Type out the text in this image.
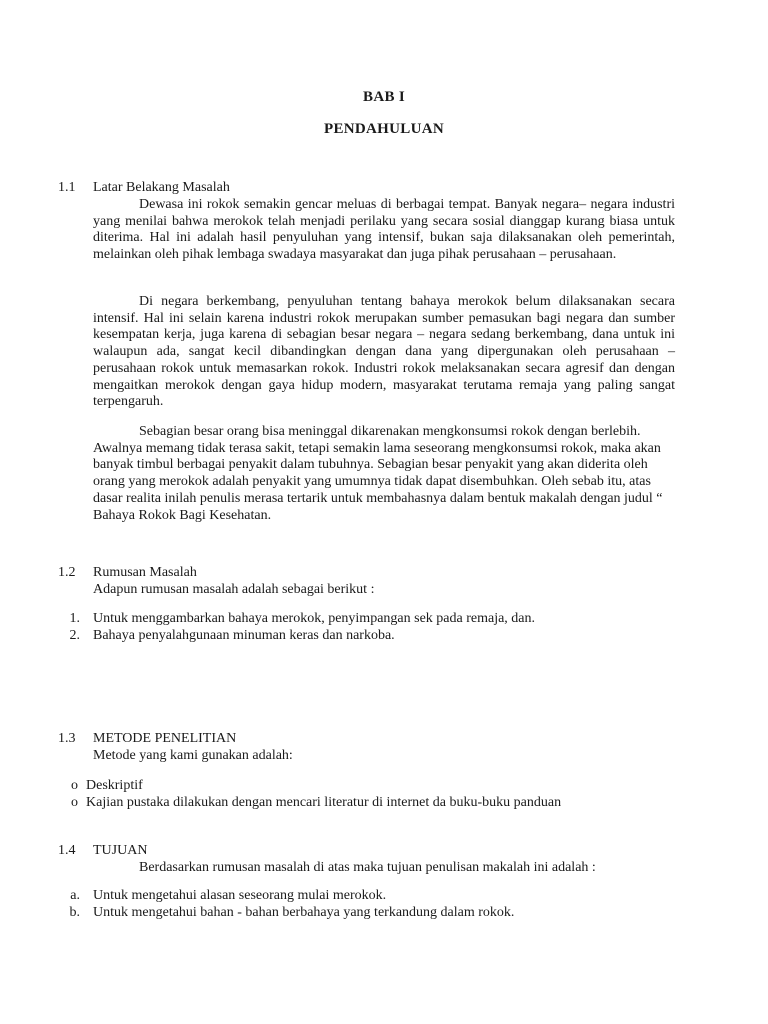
BAB I
PENDAHULUAN
1.1 Latar Belakang Masalah

Dewasa ini rokok semakin gencar meluas di berbagai tempat. Banyak negara– negara industri yang menilai bahwa merokok telah menjadi perilaku yang secara sosial dianggap kurang biasa untuk diterima. Hal ini adalah hasil penyuluhan yang intensif, bukan saja dilaksanakan oleh pemerintah, melainkan oleh pihak lembaga swadaya masyarakat dan juga pihak perusahaan – perusahaan.

Di negara berkembang, penyuluhan tentang bahaya merokok belum dilaksanakan secara intensif. Hal ini selain karena industri rokok merupakan sumber pemasukan bagi negara dan sumber kesempatan kerja, juga karena di sebagian besar negara – negara sedang berkembang, dana untuk ini walaupun ada, sangat kecil dibandingkan dengan dana yang dipergunakan oleh perusahaan – perusahaan rokok untuk memasarkan rokok. Industri rokok melaksanakan secara agresif dan dengan mengaitkan merokok dengan gaya hidup modern, masyarakat terutama remaja yang paling sangat terpengaruh.

Sebagian besar orang bisa meninggal dikarenakan mengkonsumsi rokok dengan berlebih. Awalnya memang tidak terasa sakit, tetapi semakin lama seseorang mengkonsumsi rokok, maka akan banyak timbul berbagai penyakit dalam tubuhnya. Sebagian besar penyakit yang akan diderita oleh orang yang merokok adalah penyakit yang umumnya tidak dapat disembuhkan. Oleh sebab itu, atas dasar realita inilah penulis merasa tertarik untuk membahasnya dalam bentuk makalah dengan judul “ Bahaya Rokok Bagi Kesehatan.

1.2 Rumusan Masalah
Adapun rumusan masalah adalah sebagai berikut :
1. Untuk menggambarkan bahaya merokok, penyimpangan sek pada remaja, dan.
2. Bahaya penyalahgunaan minuman keras dan narkoba.
1.3 METODE PENELITIAN
Metode yang kami gunakan adalah:
o Deskriptif
o Kajian pustaka dilakukan dengan mencari literatur di internet da buku-buku panduan
1.4 TUJUAN
Berdasarkan rumusan masalah di atas maka tujuan penulisan makalah ini adalah :
a. Untuk mengetahui alasan seseorang mulai merokok.
b. Untuk mengetahui bahan - bahan berbahaya yang terkandung dalam rokok.
